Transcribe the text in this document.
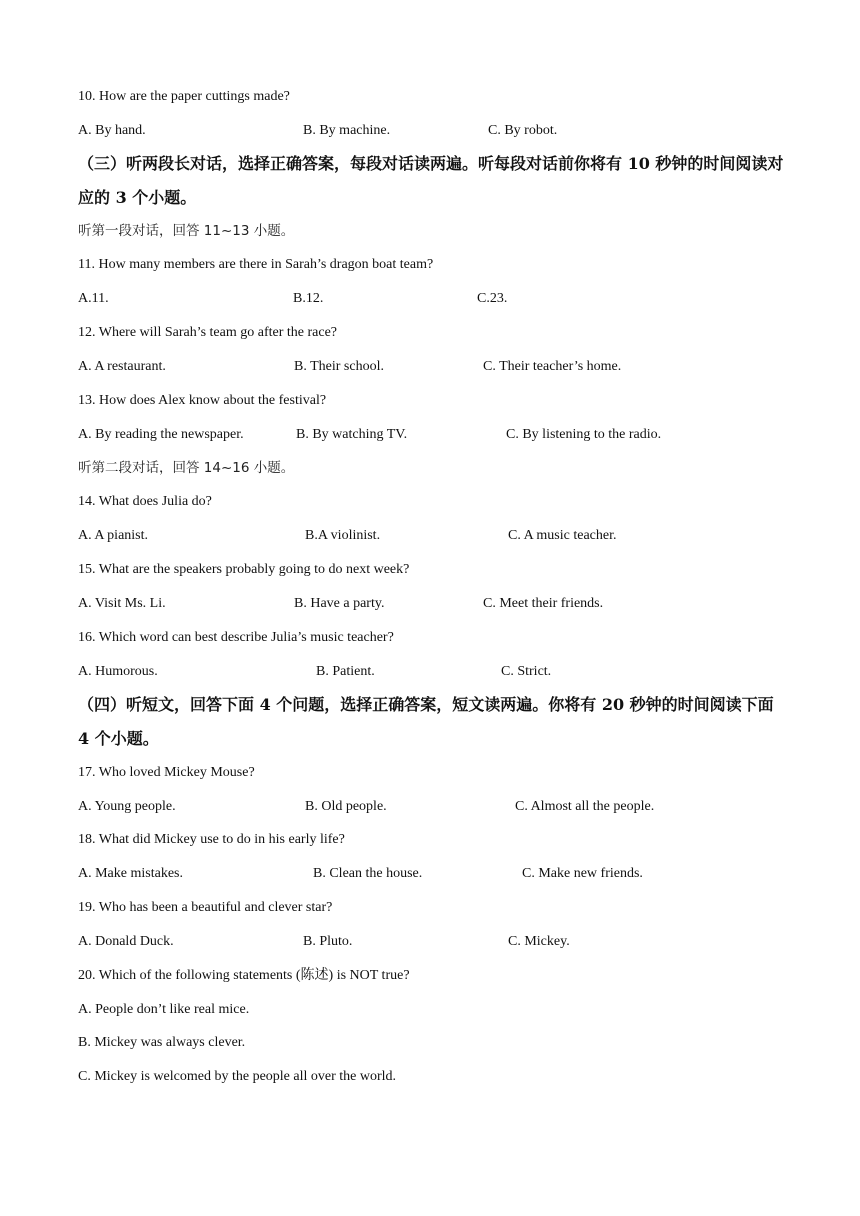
10. How are the paper cuttings made?
A. By hand.	B. By machine.	C. By robot.
（三）听两段长对话，选择正确答案，每段对话读两遍。听每段对话前你将有 10 秒钟的时间阅读对应的 3 个小题。
听第一段对话，回答 11~13 小题。
11. How many members are there in Sarah’s dragon boat team?
A.11.	B.12.	C.23.
12. Where will Sarah’s team go after the race?
A. A restaurant.	B. Their school.	C. Their teacher’s home.
13. How does Alex know about the festival?
A. By reading the newspaper.	B. By watching TV.	C. By listening to the radio.
听第二段对话，回答 14~16 小题。
14. What does Julia do?
A. A pianist.	B.A violinist.	C. A music teacher.
15. What are the speakers probably going to do next week?
A. Visit Ms. Li.	B. Have a party.	C. Meet their friends.
16. Which word can best describe Julia’s music teacher?
A. Humorous.	B. Patient.	C. Strict.
（四）听短文，回答下面 4 个问题，选择正确答案，短文读两遍。你将有 20 秒钟的时间阅读下面 4 个小题。
17. Who loved Mickey Mouse?
A. Young people.	B. Old people.	C. Almost all the people.
18. What did Mickey use to do in his early life?
A. Make mistakes.	B. Clean the house.	C. Make new friends.
19. Who has been a beautiful and clever star?
A. Donald Duck.	B. Pluto.	C. Mickey.
20. Which of the following statements (陈述) is NOT true?
A. People don’t like real mice.
B. Mickey was always clever.
C. Mickey is welcomed by the people all over the world.
